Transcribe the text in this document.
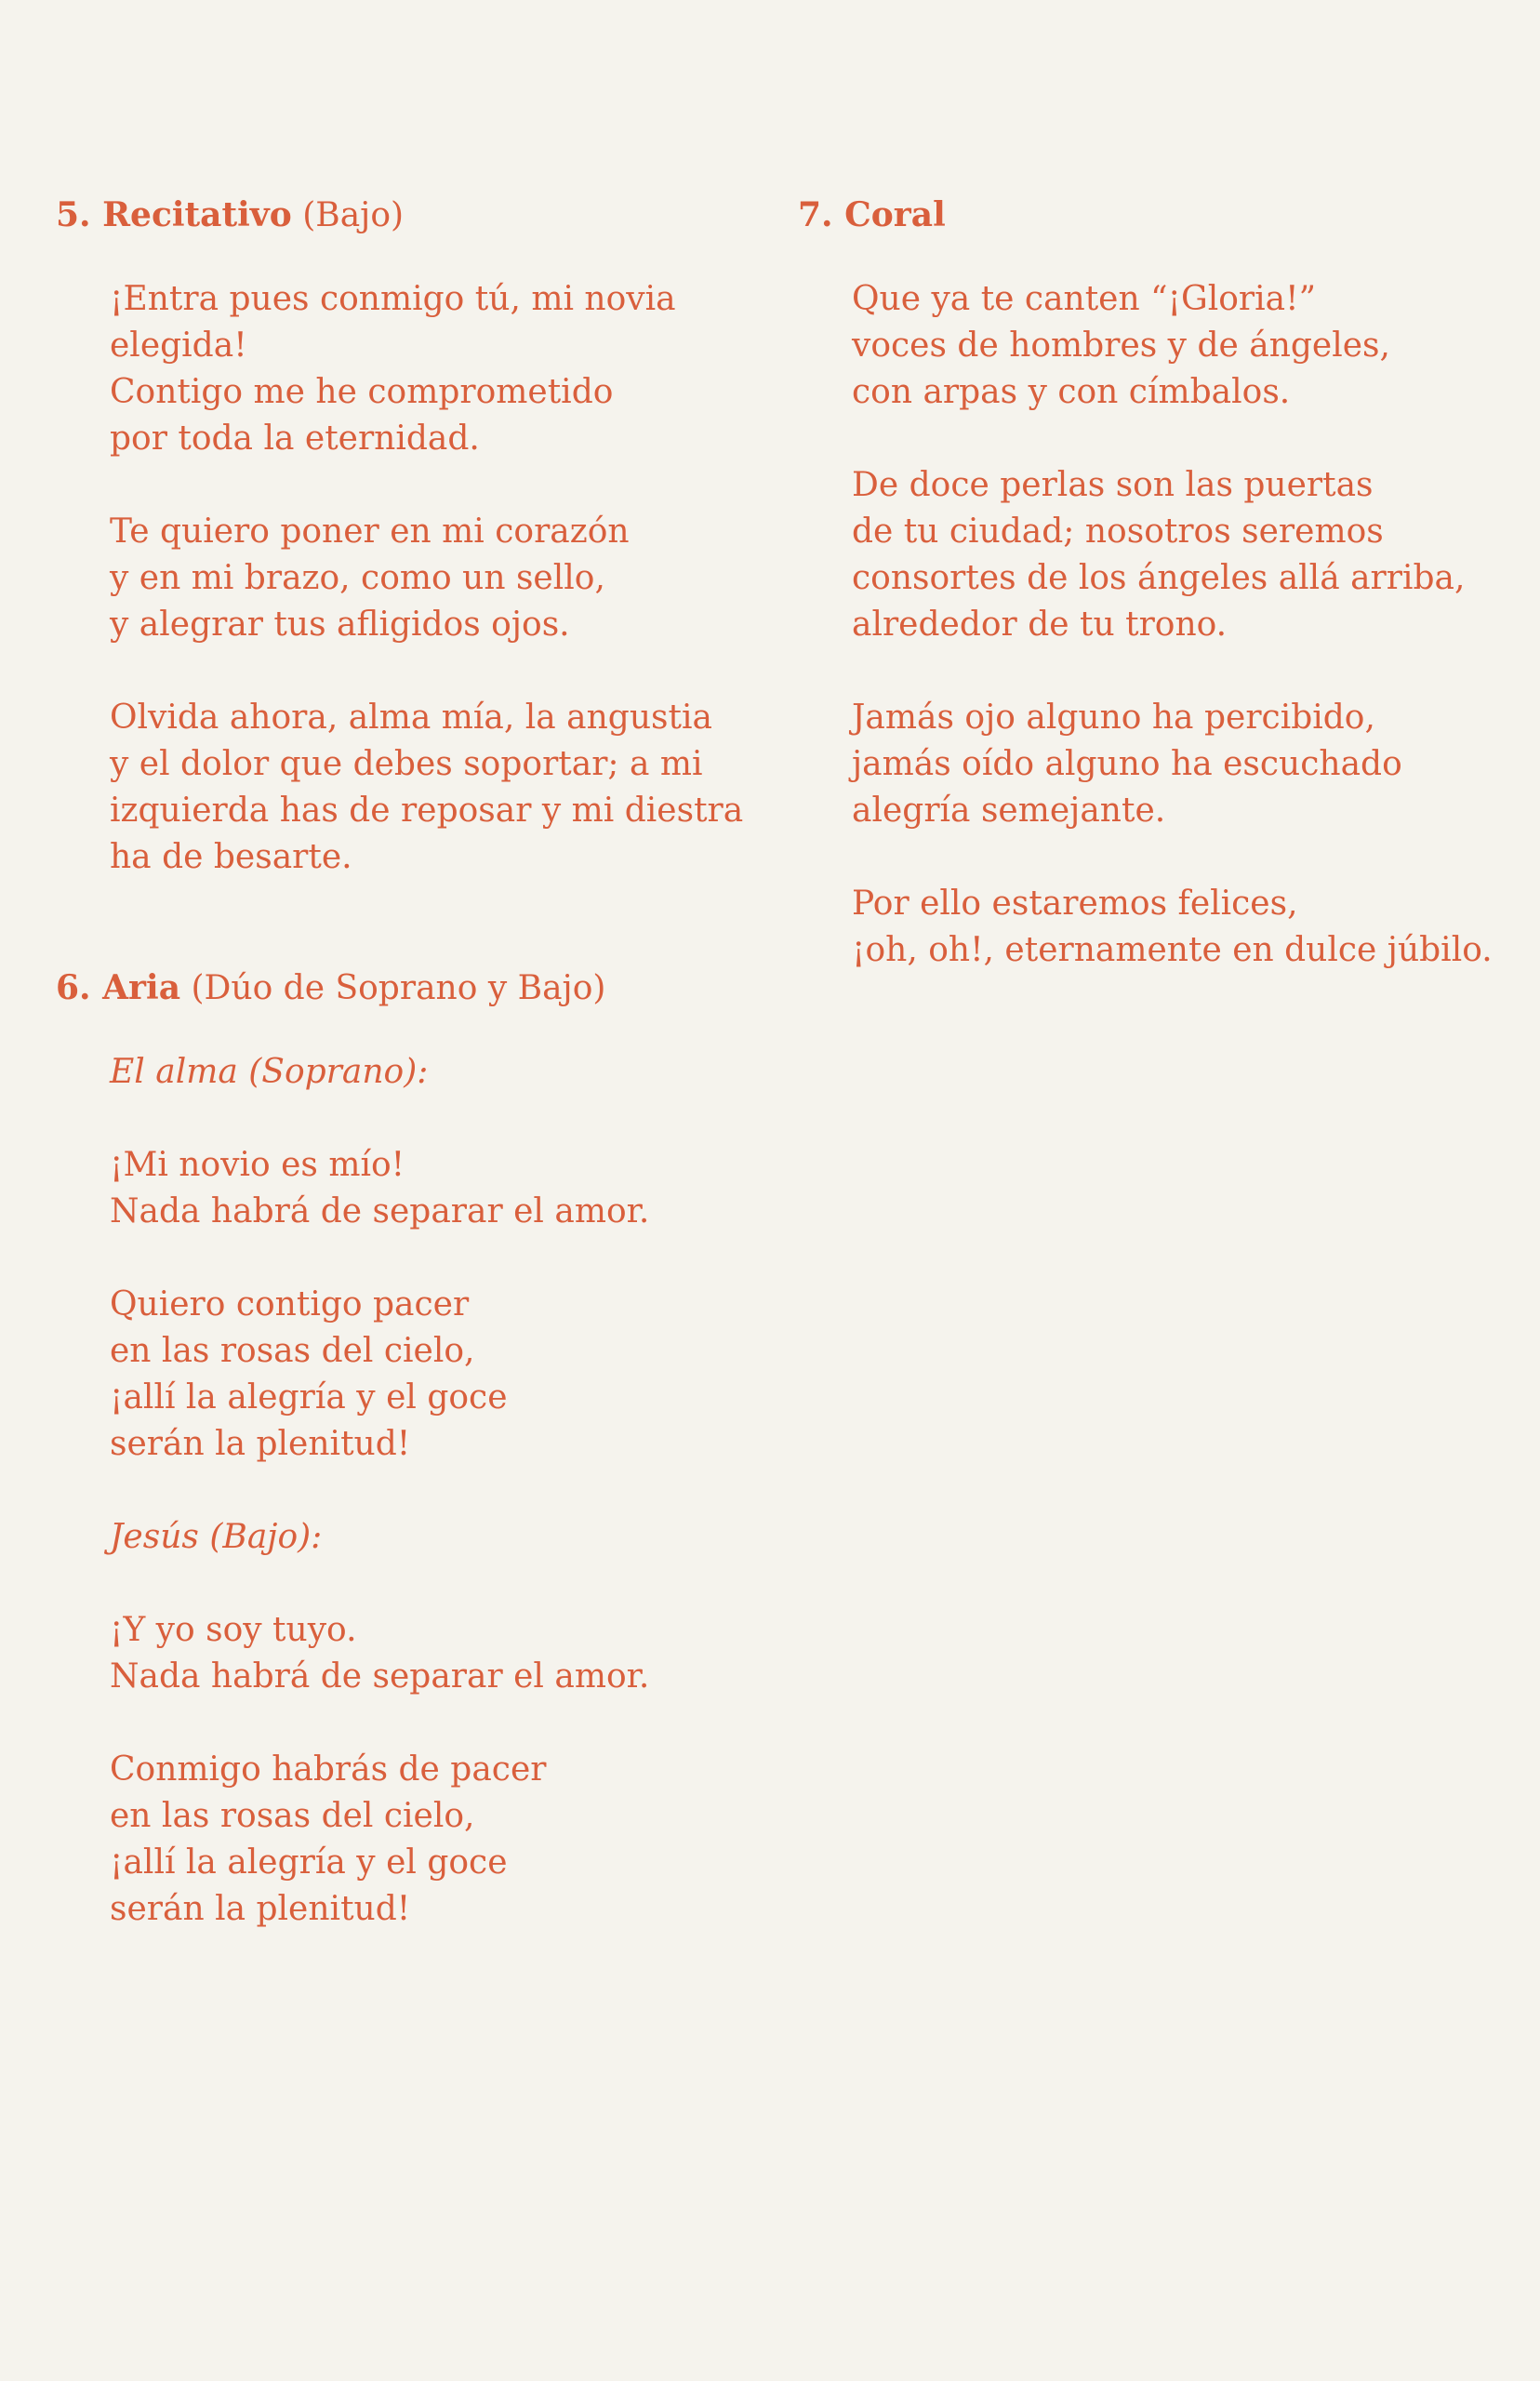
5. Recitativo (Bajo)

¡Entra pues conmigo tú, mi novia
elegida!
Contigo me he comprometido
por toda la eternidad.

Te quiero poner en mi corazón
y en mi brazo, como un sello,
y alegrar tus afligidos ojos.

Olvida ahora, alma mía, la angustia
y el dolor que debes soportar; a mi
izquierda has de reposar y mi diestra
ha de besarte.

6. Aria (Dúo de Soprano y Bajo)
El alma (Soprano):

¡Mi novio es mío!
Nada habrá de separar el amor.

Quiero contigo pacer
en las rosas del cielo,
¡allí la alegría y el goce
serán la plenitud!

Jesús (Bajo):

¡Y yo soy tuyo.
Nada habrá de separar el amor.

Conmigo habrás de pacer
en las rosas del cielo,
¡allí la alegría y el goce
serán la plenitud!

7. Coral

Que ya te canten “¡Gloria!”
voces de hombres y de ángeles,
con arpas y con címbalos.

De doce perlas son las puertas
de tu ciudad; nosotros seremos
consortes de los ángeles allá arriba,
alrededor de tu trono.

Jamás ojo alguno ha percibido,
jamás oído alguno ha escuchado
alegría semejante.

Por ello estaremos felices,
¡oh, oh!, eternamente en dulce júbilo.
